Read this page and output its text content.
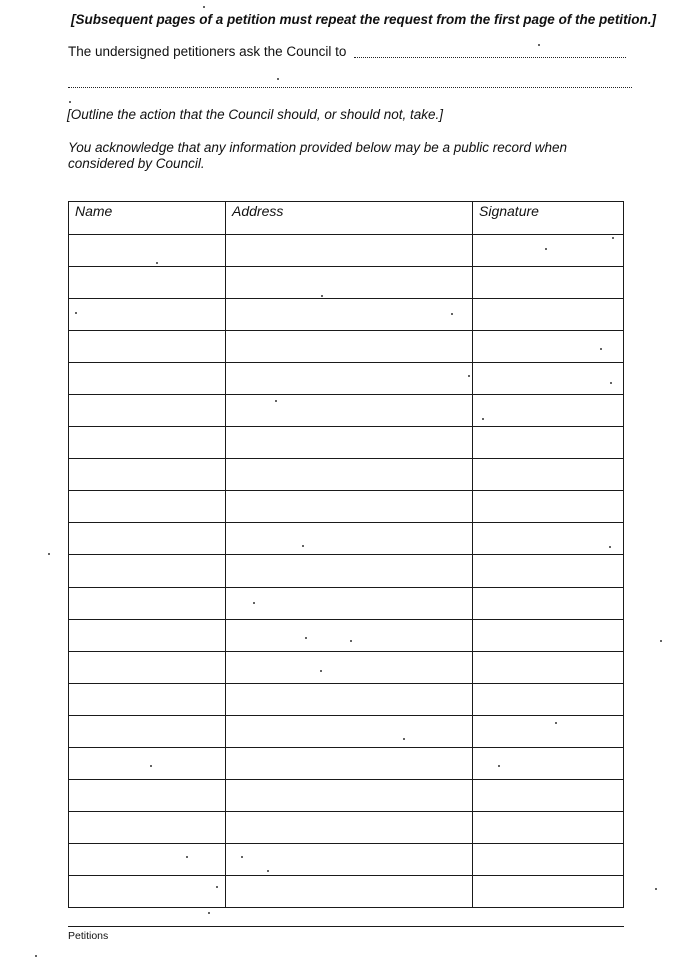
[Subsequent pages of a petition must repeat the request from the first page of the petition.]
The undersigned petitioners ask the Council to
[Outline the action that the Council should, or should not, take.]
You acknowledge that any information provided below may be a public record when considered by Council.
Name	Address	Signature

Petitions
